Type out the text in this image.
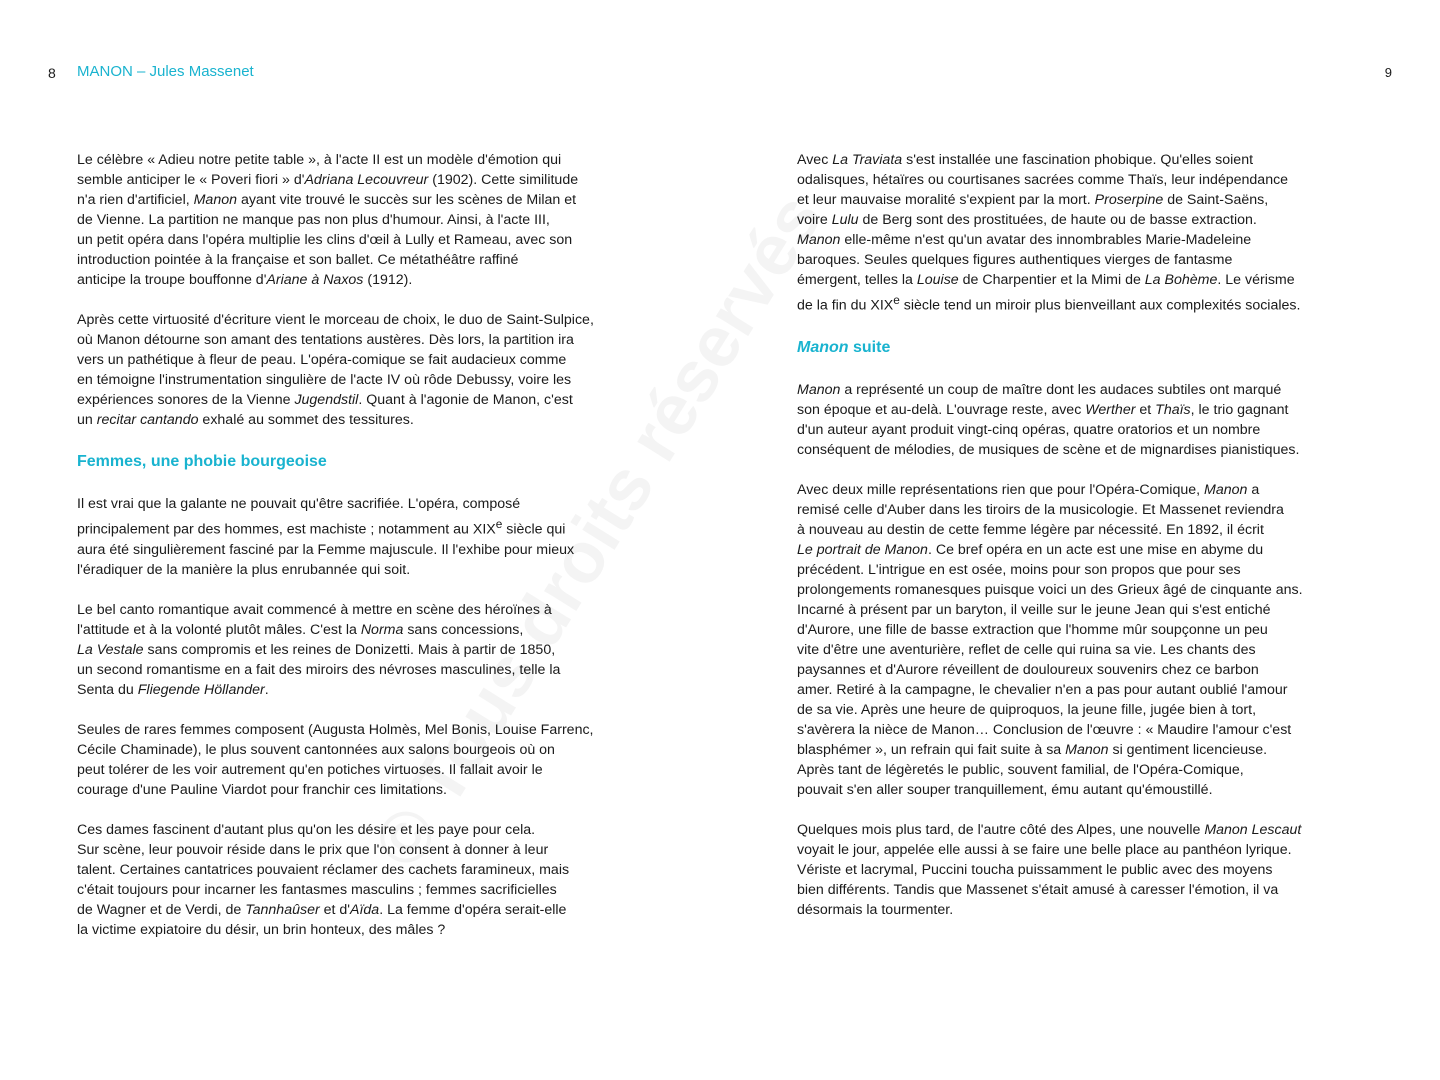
8 MANON – Jules Massenet	9
Le célèbre « Adieu notre petite table », à l'acte II est un modèle d'émotion qui
semble anticiper le « Poveri fiori » d'Adriana Lecouvreur (1902). Cette similitude
n'a rien d'artificiel, Manon ayant vite trouvé le succès sur les scènes de Milan et
de Vienne. La partition ne manque pas non plus d'humour. Ainsi, à l'acte III,
un petit opéra dans l'opéra multiplie les clins d'œil à Lully et Rameau, avec son
introduction pointée à la française et son ballet. Ce métathéâtre raffiné
anticipe la troupe bouffonne d'Ariane à Naxos (1912).
Après cette virtuosité d'écriture vient le morceau de choix, le duo de Saint-Sulpice,
où Manon détourne son amant des tentations austères. Dès lors, la partition ira
vers un pathétique à fleur de peau. L'opéra-comique se fait audacieux comme
en témoigne l'instrumentation singulière de l'acte IV où rôde Debussy, voire les
expériences sonores de la Vienne Jugendstil. Quant à l'agonie de Manon, c'est
un recitar cantando exhalé au sommet des tessitures.
Femmes, une phobie bourgeoise
Il est vrai que la galante ne pouvait qu'être sacrifiée. L'opéra, composé
principalement par des hommes, est machiste ; notamment au XIXe siècle qui
aura été singulièrement fasciné par la Femme majuscule. Il l'exhibe pour mieux
l'éradiquer de la manière la plus enrubannée qui soit.
Le bel canto romantique avait commencé à mettre en scène des héroïnes à
l'attitude et à la volonté plutôt mâles. C'est la Norma sans concessions,
La Vestale sans compromis et les reines de Donizetti. Mais à partir de 1850,
un second romantisme en a fait des miroirs des névroses masculines, telle la
Senta du Fliegende Höllander.
Seules de rares femmes composent (Augusta Holmès, Mel Bonis, Louise Farrenc,
Cécile Chaminade), le plus souvent cantonnées aux salons bourgeois où on
peut tolérer de les voir autrement qu'en potiches virtuoses. Il fallait avoir le
courage d'une Pauline Viardot pour franchir ces limitations.
Ces dames fascinent d'autant plus qu'on les désire et les paye pour cela.
Sur scène, leur pouvoir réside dans le prix que l'on consent à donner à leur
talent. Certaines cantatrices pouvaient réclamer des cachets faramineux, mais
c'était toujours pour incarner les fantasmes masculins ; femmes sacrificielles
de Wagner et de Verdi, de Tannhaûser et d'Aïda. La femme d'opéra serait-elle
la victime expiatoire du désir, un brin honteux, des mâles ?
Avec La Traviata s'est installée une fascination phobique. Qu'elles soient
odalisques, hétaïres ou courtisanes sacrées comme Thaïs, leur indépendance
et leur mauvaise moralité s'expient par la mort. Proserpine de Saint-Saëns,
voire Lulu de Berg sont des prostituées, de haute ou de basse extraction.
Manon elle-même n'est qu'un avatar des innombrables Marie-Madeleine
baroques. Seules quelques figures authentiques vierges de fantasme
émergent, telles la Louise de Charpentier et la Mimi de La Bohème. Le vérisme
de la fin du XIXe siècle tend un miroir plus bienveillant aux complexités sociales.
Manon suite
Manon a représenté un coup de maître dont les audaces subtiles ont marqué
son époque et au-delà. L'ouvrage reste, avec Werther et Thaïs, le trio gagnant
d'un auteur ayant produit vingt-cinq opéras, quatre oratorios et un nombre
conséquent de mélodies, de musiques de scène et de mignardises pianistiques.
Avec deux mille représentations rien que pour l'Opéra-Comique, Manon a
remisé celle d'Auber dans les tiroirs de la musicologie. Et Massenet reviendra
à nouveau au destin de cette femme légère par nécessité. En 1892, il écrit
Le portrait de Manon. Ce bref opéra en un acte est une mise en abyme du
précédent. L'intrigue en est osée, moins pour son propos que pour ses
prolongements romanesques puisque voici un des Grieux âgé de cinquante ans.
Incarné à présent par un baryton, il veille sur le jeune Jean qui s'est entiché
d'Aurore, une fille de basse extraction que l'homme mûr soupçonne un peu
vite d'être une aventurière, reflet de celle qui ruina sa vie. Les chants des
paysannes et d'Aurore réveillent de douloureux souvenirs chez ce barbon
amer. Retiré à la campagne, le chevalier n'en a pas pour autant oublié l'amour
de sa vie. Après une heure de quiproquos, la jeune fille, jugée bien à tort,
s'avèrera la nièce de Manon… Conclusion de l'œuvre : « Maudire l'amour c'est
blasphémer », un refrain qui fait suite à sa Manon si gentiment licencieuse.
Après tant de légèretés le public, souvent familial, de l'Opéra-Comique,
pouvait s'en aller souper tranquillement, ému autant qu'émoustillé.
Quelques mois plus tard, de l'autre côté des Alpes, une nouvelle Manon Lescaut
voyait le jour, appelée elle aussi à se faire une belle place au panthéon lyrique.
Vériste et lacrymal, Puccini toucha puissamment le public avec des moyens
bien différents. Tandis que Massenet s'était amusé à caresser l'émotion, il va
désormais la tourmenter.
